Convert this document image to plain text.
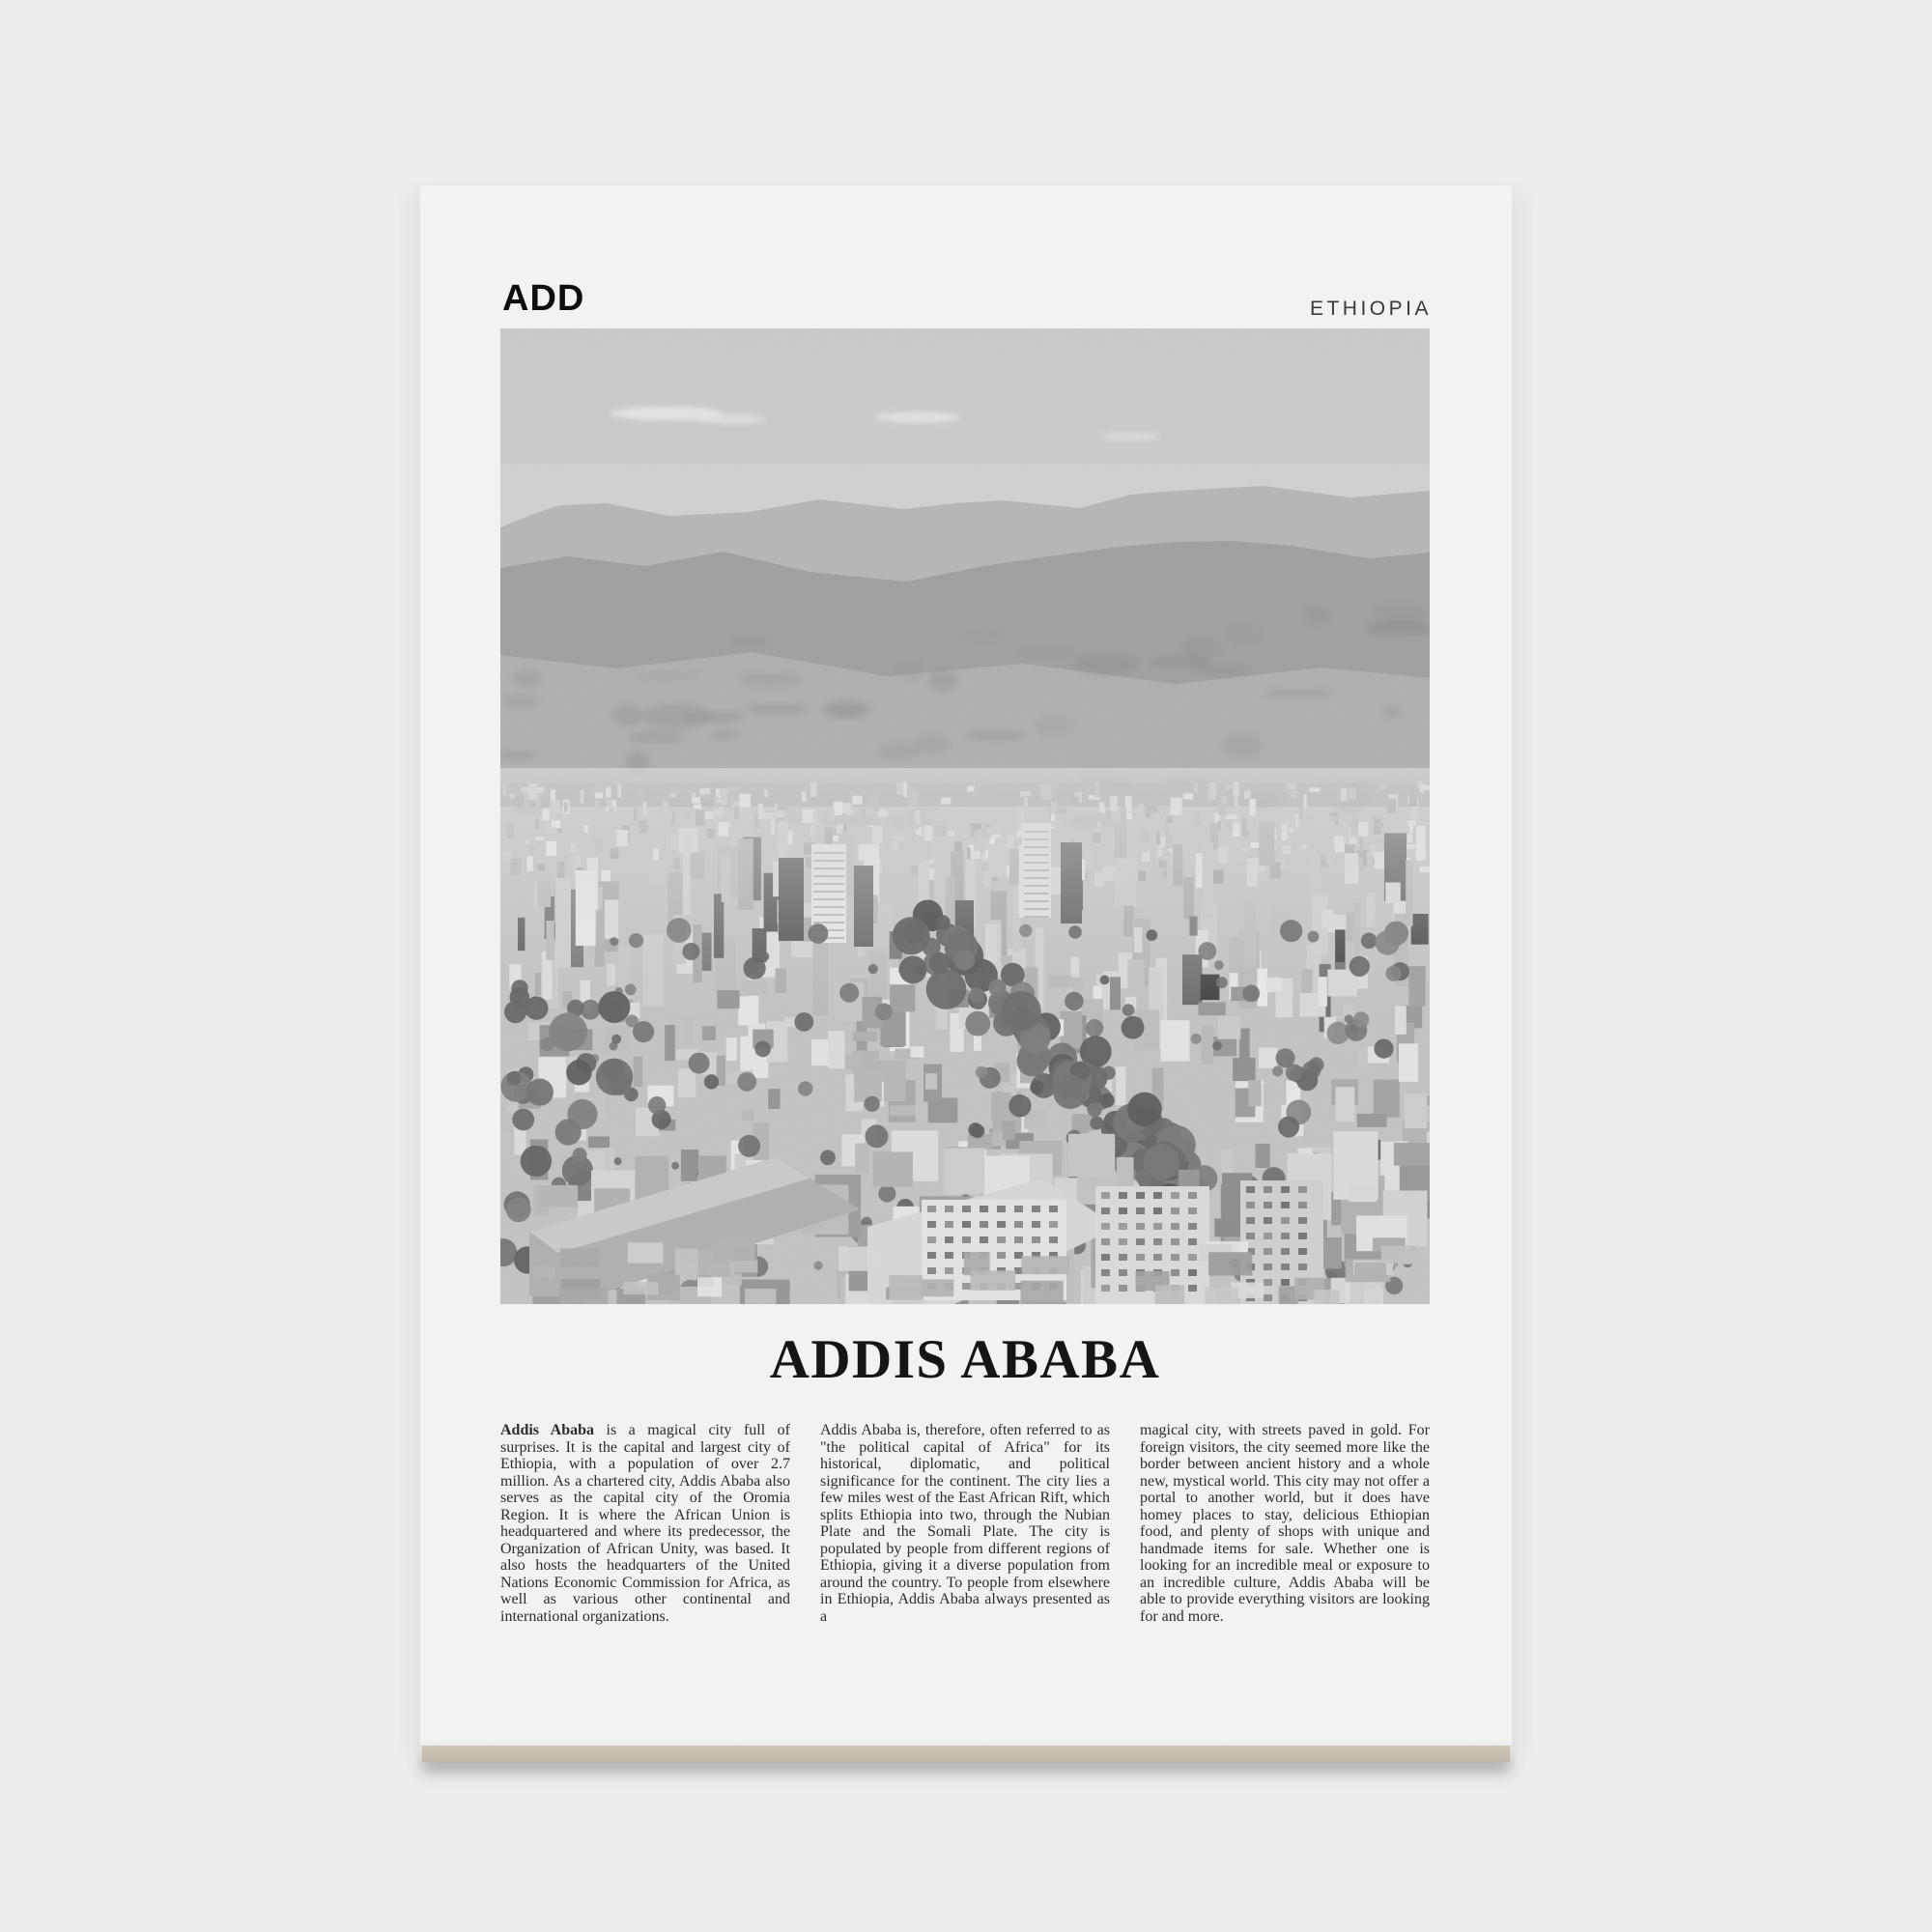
ADD	ETHIOPIA
ADDIS ABABA

Addis Ababa is a magical city full of surprises. It is the capital and largest city of Ethiopia, with a population of over 2.7 million. As a chartered city, Addis Ababa also serves as the capital city of the Oromia Region. It is where the African Union is headquartered and where its predecessor, the Organization of African Unity, was based. It also hosts the headquarters of the United Nations Economic Commission for Africa, as well as various other continental and international organizations.

Addis Ababa is, therefore, often referred to as "the political capital of Africa" for its historical, diplomatic, and political significance for the continent. The city lies a few miles west of the East African Rift, which splits Ethiopia into two, through the Nubian Plate and the Somali Plate. The city is populated by people from different regions of Ethiopia, giving it a diverse population from around the country. To people from elsewhere in Ethiopia, Addis Ababa always presented as a

magical city, with streets paved in gold. For foreign visitors, the city seemed more like the border between ancient history and a whole new, mystical world. This city may not offer a portal to another world, but it does have homey places to stay, delicious Ethiopian food, and plenty of shops with unique and handmade items for sale. Whether one is looking for an incredible meal or exposure to an incredible culture, Addis Ababa will be able to provide everything visitors are looking for and more.
